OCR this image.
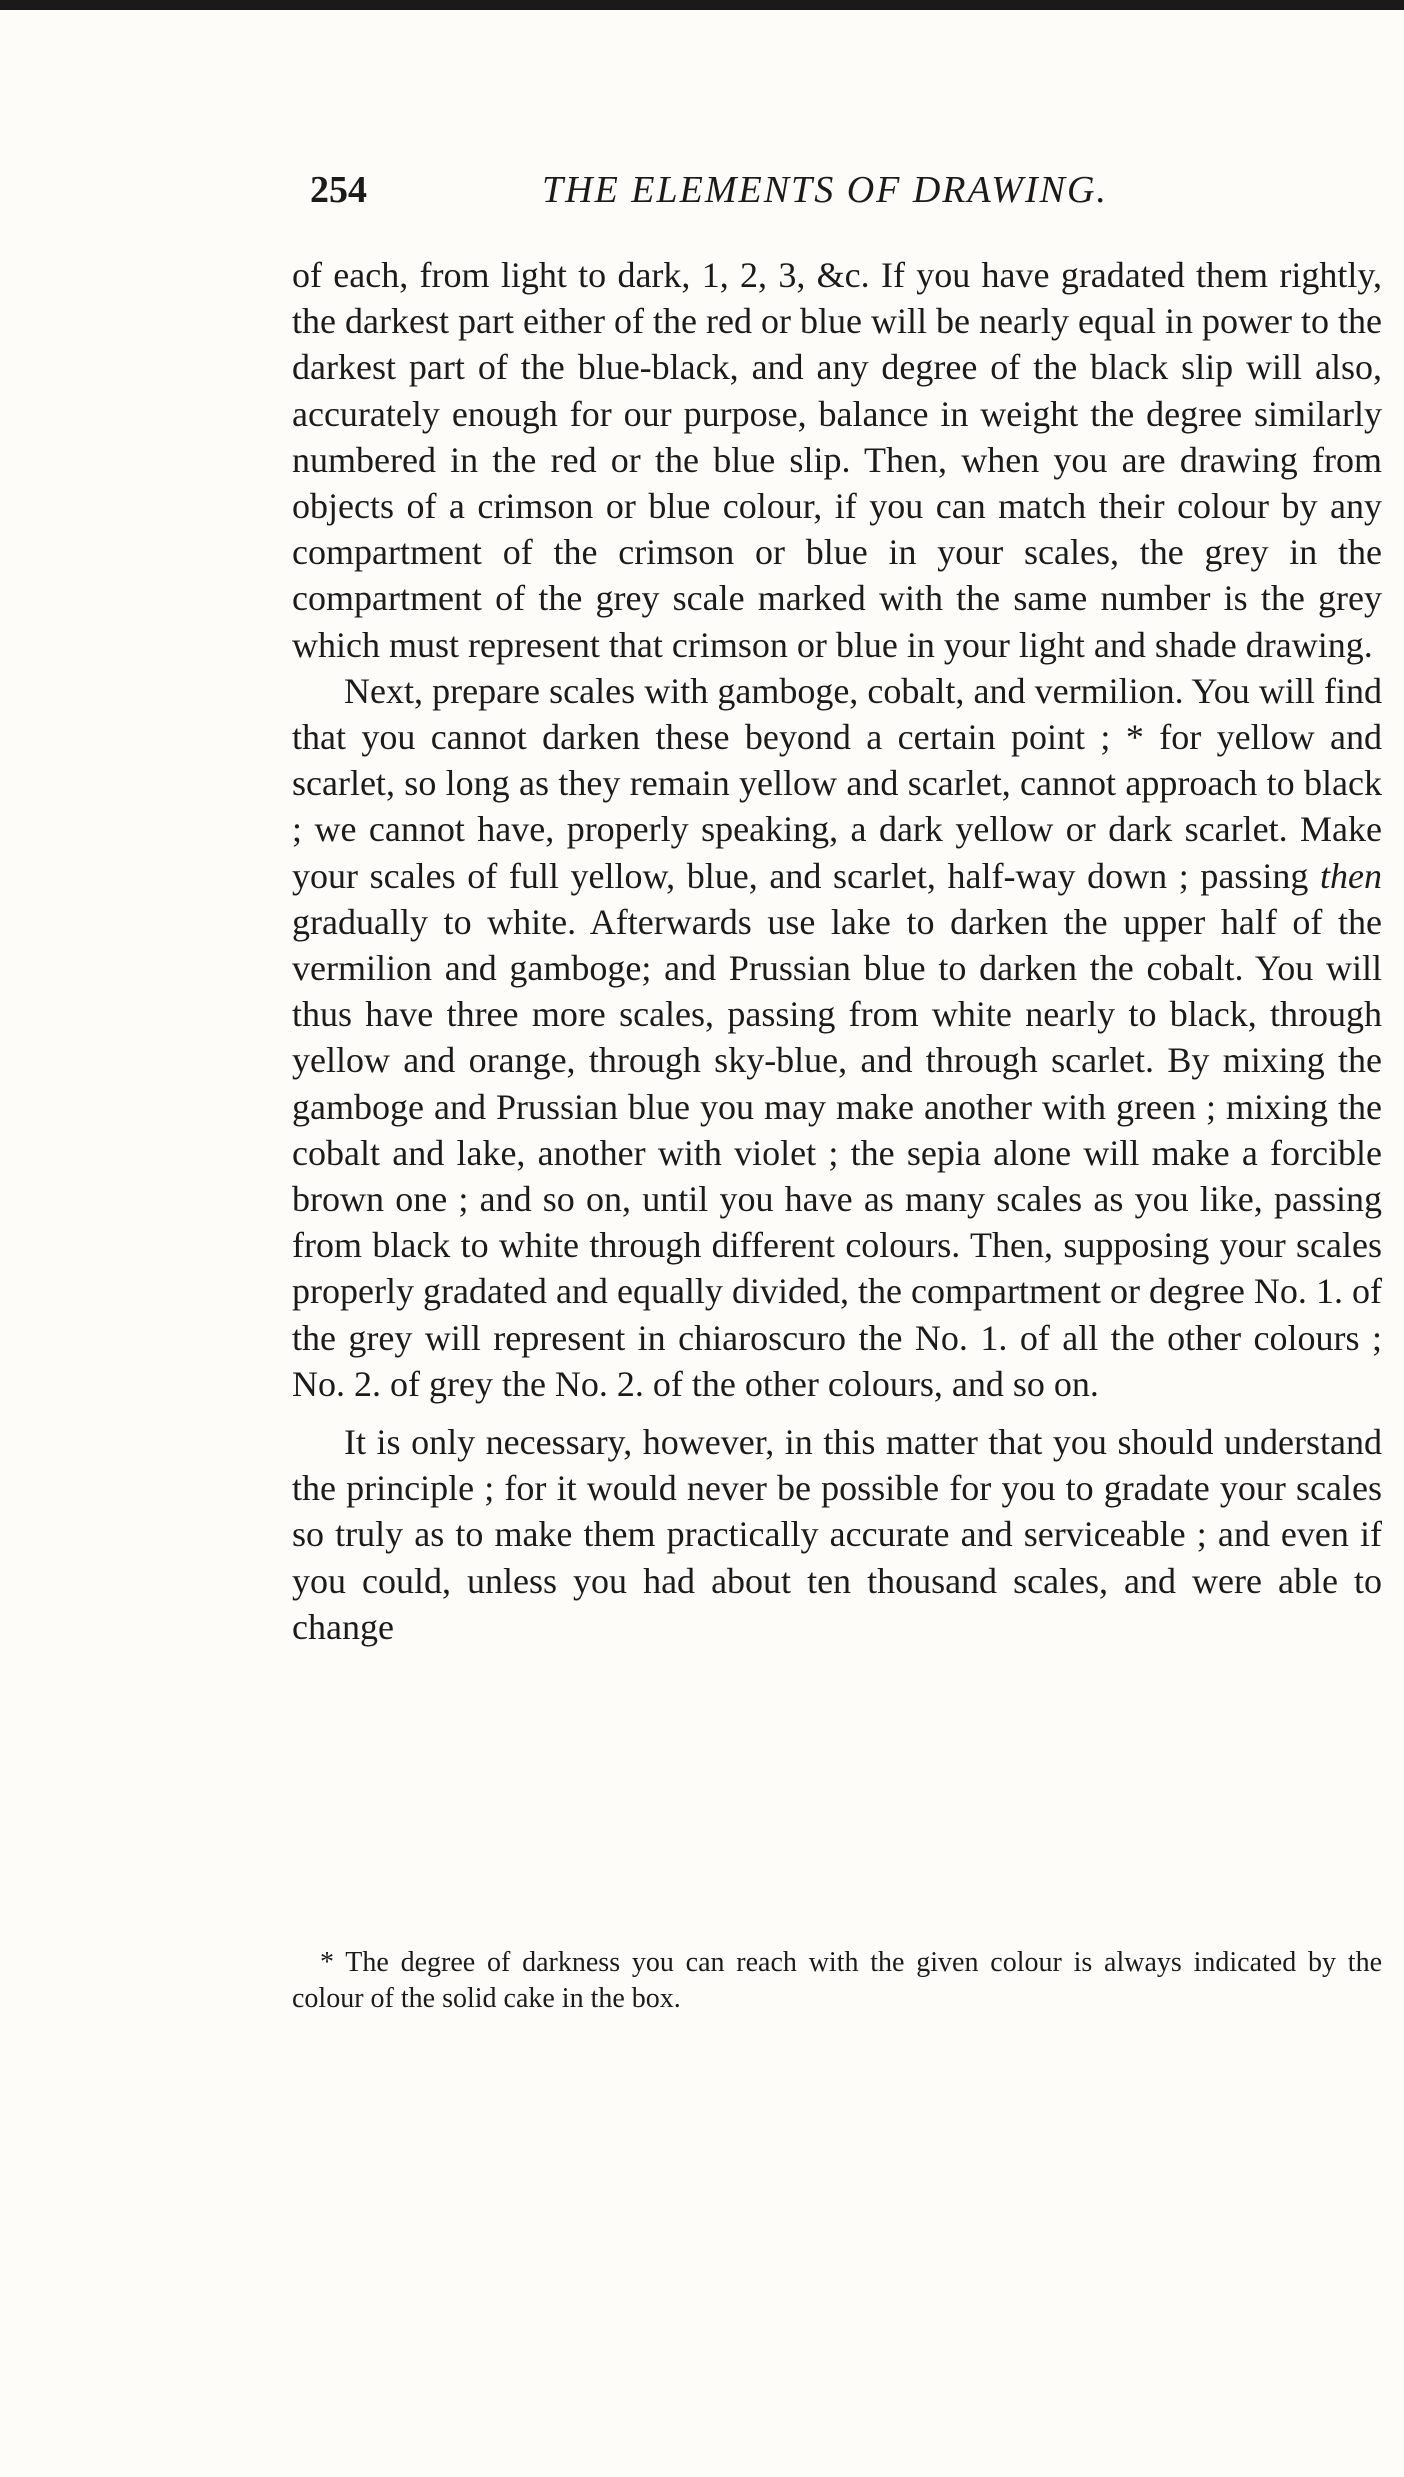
254	THE ELEMENTS OF DRAWING.

of each, from light to dark, 1, 2, 3, &c. If you have gradated them rightly, the darkest part either of the red or blue will be nearly equal in power to the darkest part of the blue-black, and any degree of the black slip will also, accurately enough for our purpose, balance in weight the degree similarly numbered in the red or the blue slip. Then, when you are drawing from objects of a crimson or blue colour, if you can match their colour by any compartment of the crimson or blue in your scales, the grey in the compartment of the grey scale marked with the same number is the grey which must represent that crimson or blue in your light and shade drawing.

Next, prepare scales with gamboge, cobalt, and vermilion. You will find that you cannot darken these beyond a certain point ; * for yellow and scarlet, so long as they remain yellow and scarlet, cannot approach to black ; we cannot have, properly speaking, a dark yellow or dark scarlet. Make your scales of full yellow, blue, and scarlet, half-way down ; passing then gradually to white. Afterwards use lake to darken the upper half of the vermilion and gamboge; and Prussian blue to darken the cobalt. You will thus have three more scales, passing from white nearly to black, through yellow and orange, through sky-blue, and through scarlet. By mixing the gamboge and Prussian blue you may make another with green ; mixing the cobalt and lake, another with violet ; the sepia alone will make a forcible brown one ; and so on, until you have as many scales as you like, passing from black to white through different colours. Then, supposing your scales properly gradated and equally divided, the compartment or degree No. 1. of the grey will represent in chiaroscuro the No. 1. of all the other colours ; No. 2. of grey the No. 2. of the other colours, and so on.

It is only necessary, however, in this matter that you should understand the principle ; for it would never be possible for you to gradate your scales so truly as to make them practically accurate and serviceable ; and even if you could, unless you had about ten thousand scales, and were able to change

* The degree of darkness you can reach with the given colour is always indicated by the colour of the solid cake in the box.
